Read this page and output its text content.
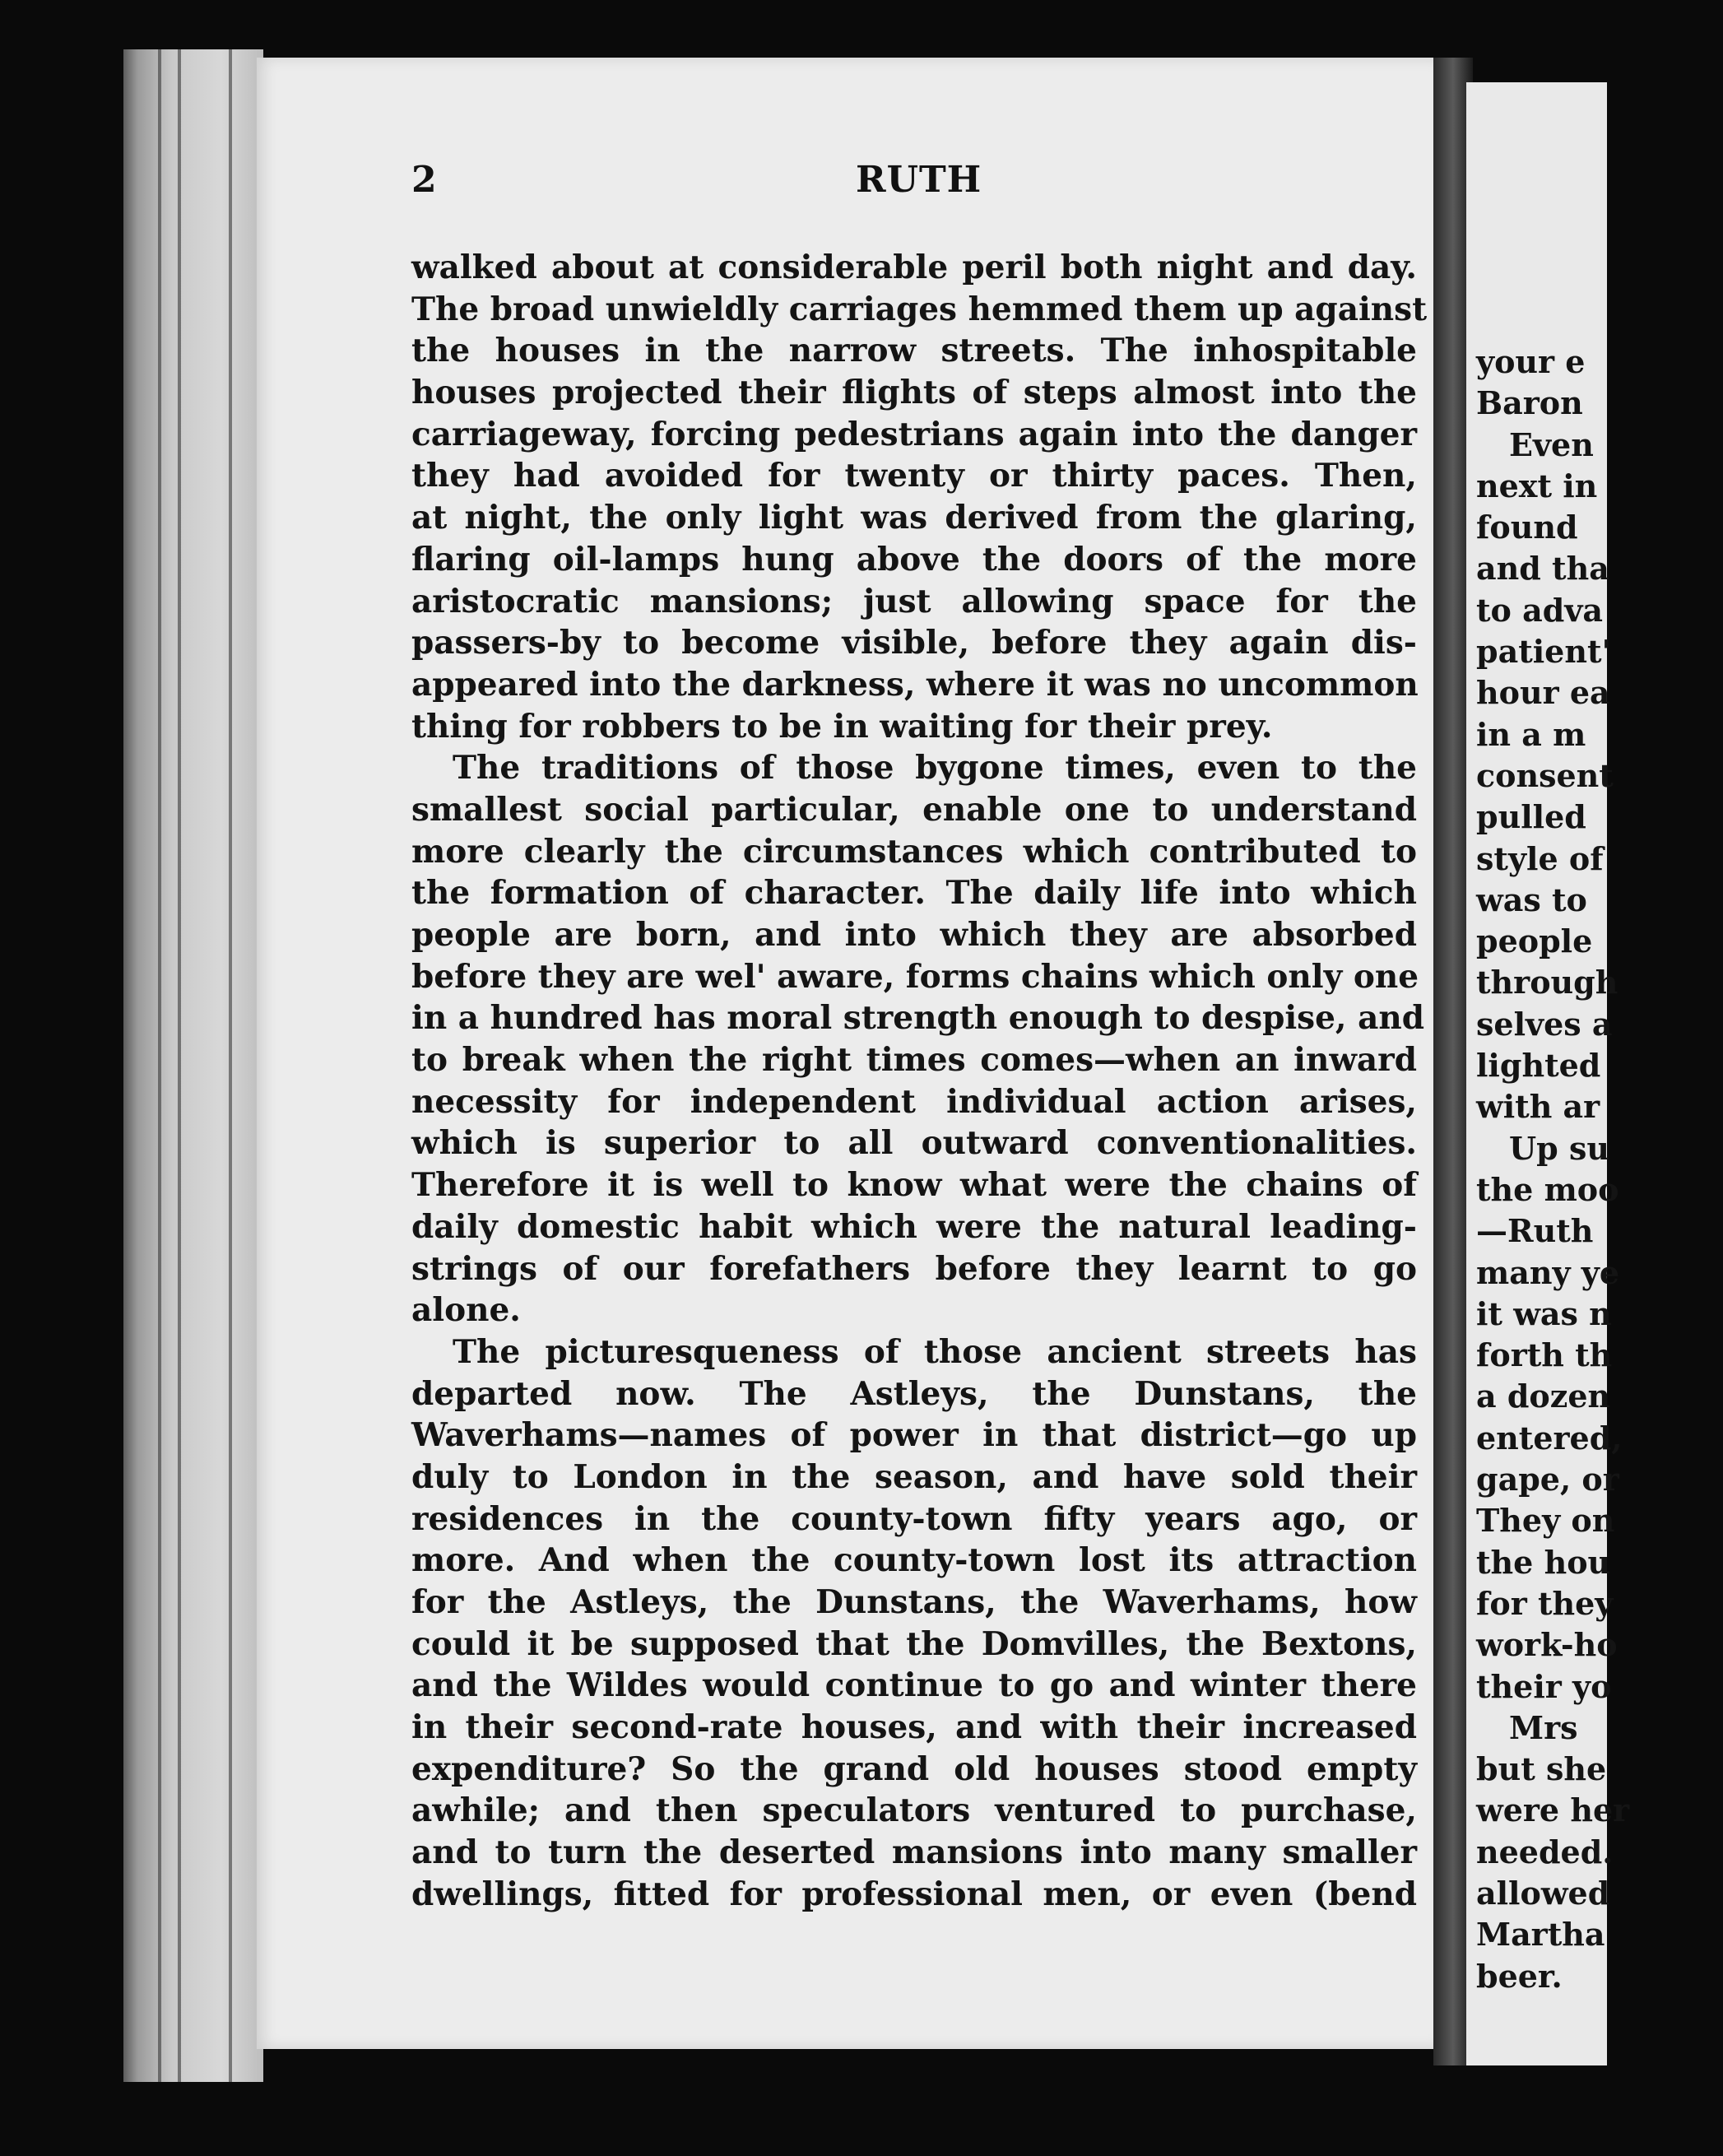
2	RUTH
walked about at considerable peril both night and day.
The broad unwieldly carriages hemmed them up against
the houses in the narrow streets. The inhospitable
houses projected their flights of steps almost into the
carriageway, forcing pedestrians again into the danger
they had avoided for twenty or thirty paces. Then,
at night, the only light was derived from the glaring,
flaring oil-lamps hung above the doors of the more
aristocratic mansions; just allowing space for the
passers-by to become visible, before they again dis-
appeared into the darkness, where it was no uncommon
thing for robbers to be in waiting for their prey.
The traditions of those bygone times, even to the
smallest social particular, enable one to understand
more clearly the circumstances which contributed to
the formation of character. The daily life into which
people are born, and into which they are absorbed
before they are wel' aware, forms chains which only one
in a hundred has moral strength enough to despise, and
to break when the right times comes—when an inward
necessity for independent individual action arises,
which is superior to all outward conventionalities.
Therefore it is well to know what were the chains of
daily domestic habit which were the natural leading-
strings of our forefathers before they learnt to go
alone.
The picturesqueness of those ancient streets has
departed now. The Astleys, the Dunstans, the
Waverhams—names of power in that district—go up
duly to London in the season, and have sold their
residences in the county-town fifty years ago, or
more. And when the county-town lost its attraction
for the Astleys, the Dunstans, the Waverhams, how
could it be supposed that the Domvilles, the Bextons,
and the Wildes would continue to go and winter there
in their second-rate houses, and with their increased
expenditure? So the grand old houses stood empty
awhile; and then speculators ventured to purchase,
and to turn the deserted mansions into many smaller
dwellings, fitted for professional men, or even (bend
your e
Baron
Even
next in
found
and tha
to adva
patient'
hour ea
in a m
consent
pulled
style of
was to
people
through
selves a
lighted
with ar
Up su
the moo
—Ruth
many ye
it was n
forth th
a dozen
entered,
gape, or
They on
the hou
for they
work-ho
their yo
Mrs
but she
were her
needed.
allowed
Martha
beer.
